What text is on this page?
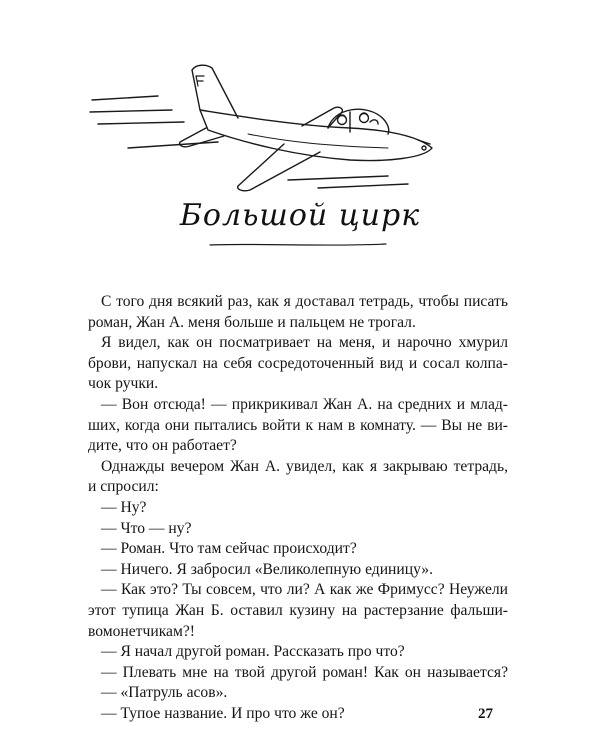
Большой цирк
С того дня всякий раз, как я доставал тетрадь, чтобы писать
роман, Жан А. меня больше и пальцем не трогал.
Я видел, как он посматривает на меня, и нарочно хмурил
брови, напускал на себя сосредоточенный вид и сосал колпа-
чок ручки.
— Вон отсюда! — прикрикивал Жан А. на средних и млад-
ших, когда они пытались войти к нам в комнату. — Вы не ви-
дите, что он работает?
Однажды вечером Жан А. увидел, как я закрываю тетрадь,
и спросил:
— Ну?
— Что — ну?
— Роман. Что там сейчас происходит?
— Ничего. Я забросил «Великолепную единицу».
— Как это? Ты совсем, что ли? А как же Фримусс? Неужели
этот тупица Жан Б. оставил кузину на растерзание фальши-
вомонетчикам?!
— Я начал другой роман. Рассказать про что?
— Плевать мне на твой другой роман! Как он называется?
— «Патруль асов».
— Тупое название. И про что же он?	27
